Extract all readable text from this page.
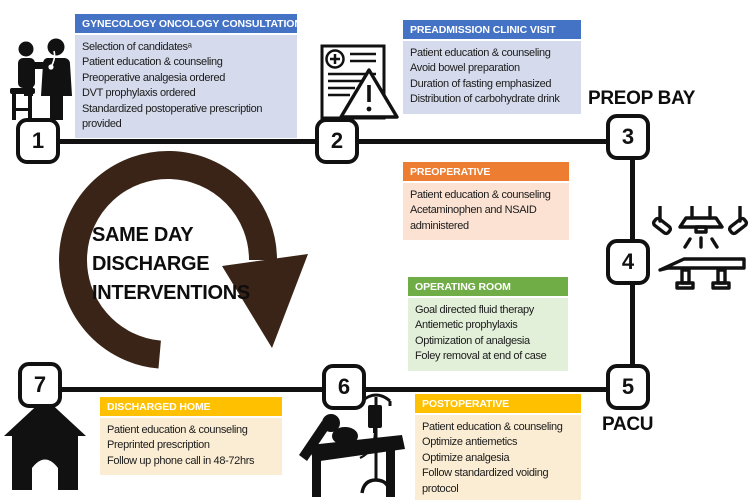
SAME DAY
DISCHARGE
INTERVENTIONS
GYNECOLOGY ONCOLOGY CONSULTATION
Selection of candidatesᵃ
Patient education & counseling
Preoperative analgesia ordered
DVT prophylaxis ordered
Standardized postoperative prescription provided
PREADMISSION CLINIC VISIT
Patient education & counseling
Avoid bowel preparation
Duration of fasting emphasized
Distribution of carbohydrate drink
PREOPERATIVE
Patient education & counseling
Acetaminophen and NSAID administered
OPERATING ROOM
Goal directed fluid therapy
Antiemetic prophylaxis
Optimization of analgesia
Foley removal at end of case
POSTOPERATIVE
Patient education & counseling
Optimize antiemetics
Optimize analgesia
Follow standardized voiding protocol
DISCHARGED HOME
Patient education & counseling
Preprinted prescription
Follow up phone call in 48-72hrs
1	2	3
4
5
6
7
PREOP BAY
PACU
